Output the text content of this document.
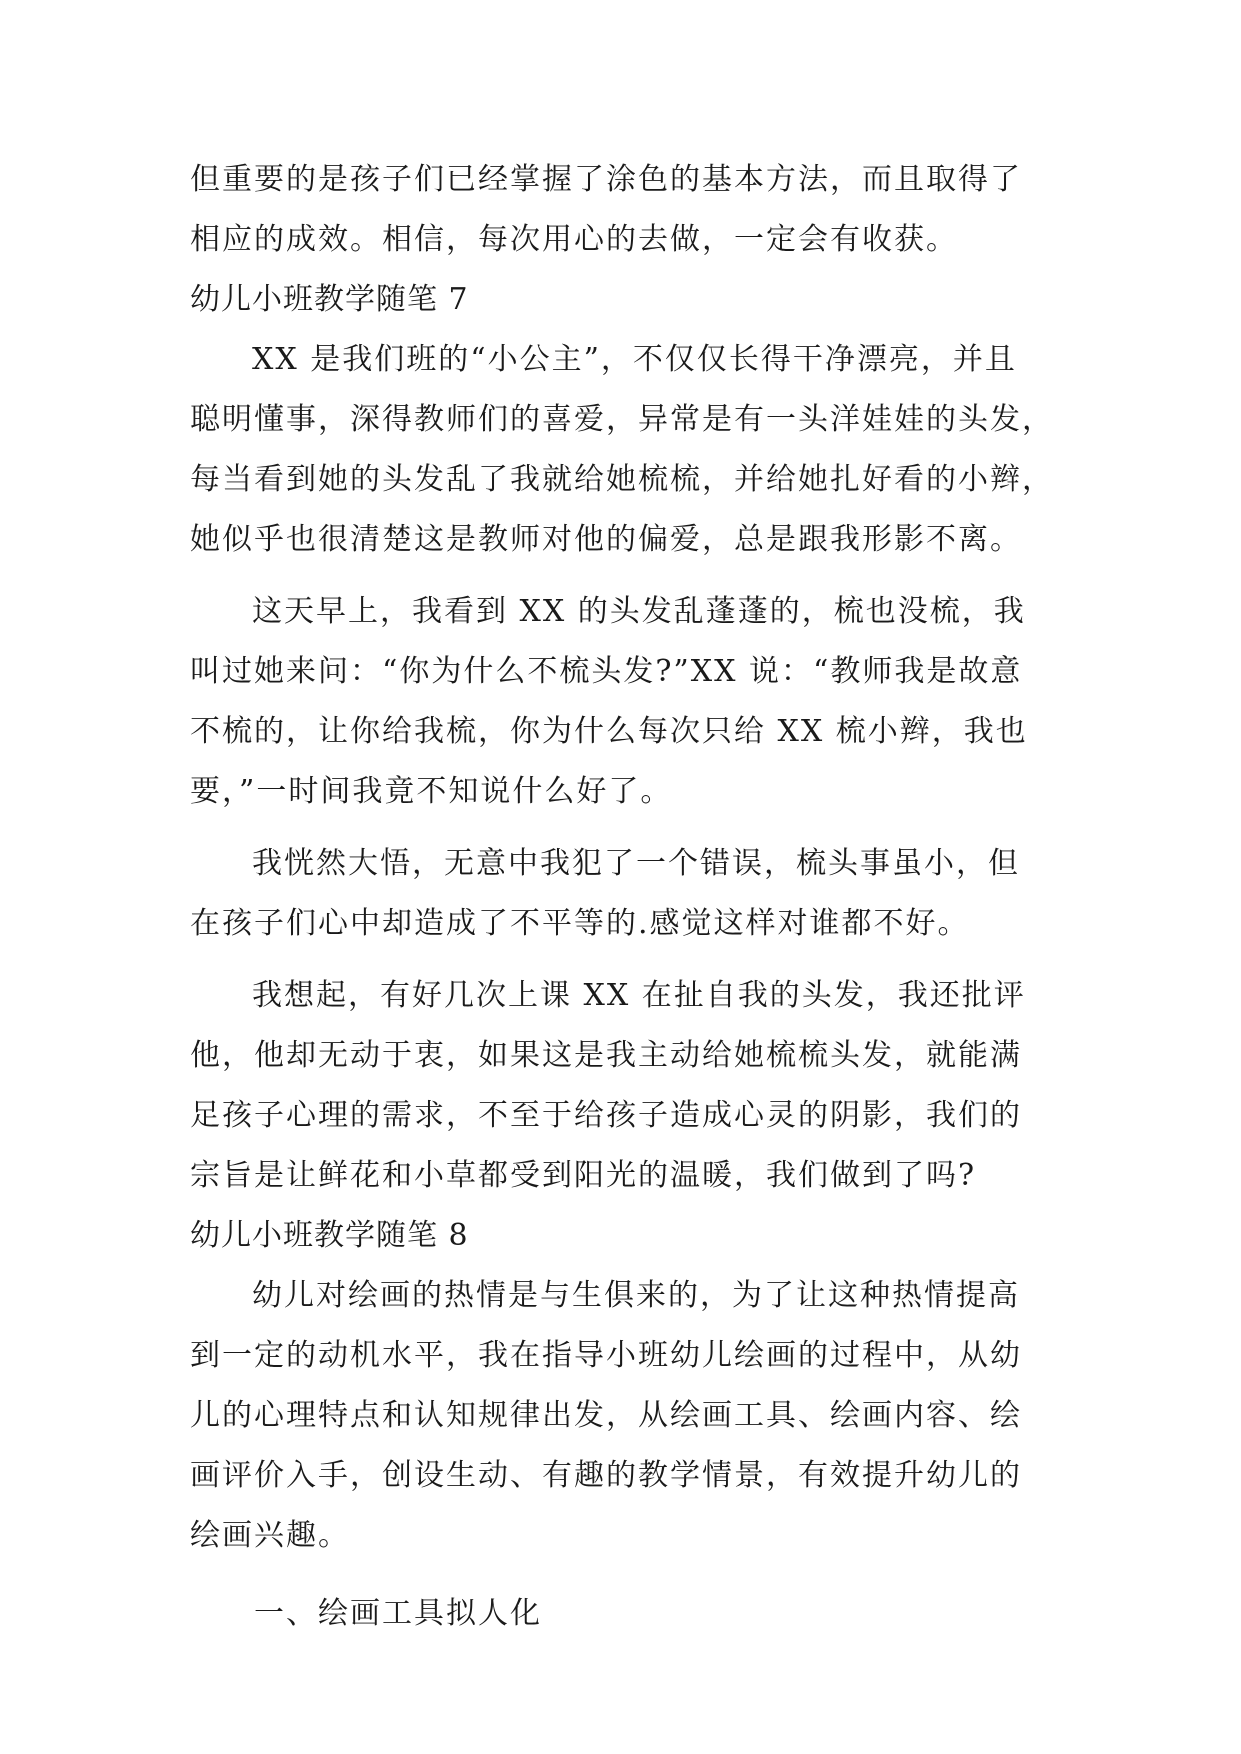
但重要的是孩子们已经掌握了涂色的基本方法，而且取得了
相应的成效。相信，每次用心的去做，一定会有收获。
幼儿小班教学随笔 7
XX 是我们班的“小公主”，不仅仅长得干净漂亮，并且
聪明懂事，深得教师们的喜爱，异常是有一头洋娃娃的头发，
每当看到她的头发乱了我就给她梳梳，并给她扎好看的小辫，
她似乎也很清楚这是教师对他的偏爱，总是跟我形影不离。
这天早上，我看到 XX 的头发乱蓬蓬的，梳也没梳，我
叫过她来问：“你为什么不梳头发?”XX 说：“教师我是故意
不梳的，让你给我梳，你为什么每次只给 XX 梳小辫，我也
要，”一时间我竟不知说什么好了。
我恍然大悟，无意中我犯了一个错误，梳头事虽小，但
在孩子们心中却造成了不平等的.感觉这样对谁都不好。
我想起，有好几次上课 XX 在扯自我的头发，我还批评
他，他却无动于衷，如果这是我主动给她梳梳头发，就能满
足孩子心理的需求，不至于给孩子造成心灵的阴影，我们的
宗旨是让鲜花和小草都受到阳光的温暖，我们做到了吗?
幼儿小班教学随笔 8
幼儿对绘画的热情是与生俱来的，为了让这种热情提高
到一定的动机水平，我在指导小班幼儿绘画的过程中，从幼
儿的心理特点和认知规律出发，从绘画工具、绘画内容、绘
画评价入手，创设生动、有趣的教学情景，有效提升幼儿的
绘画兴趣。
一、绘画工具拟人化
